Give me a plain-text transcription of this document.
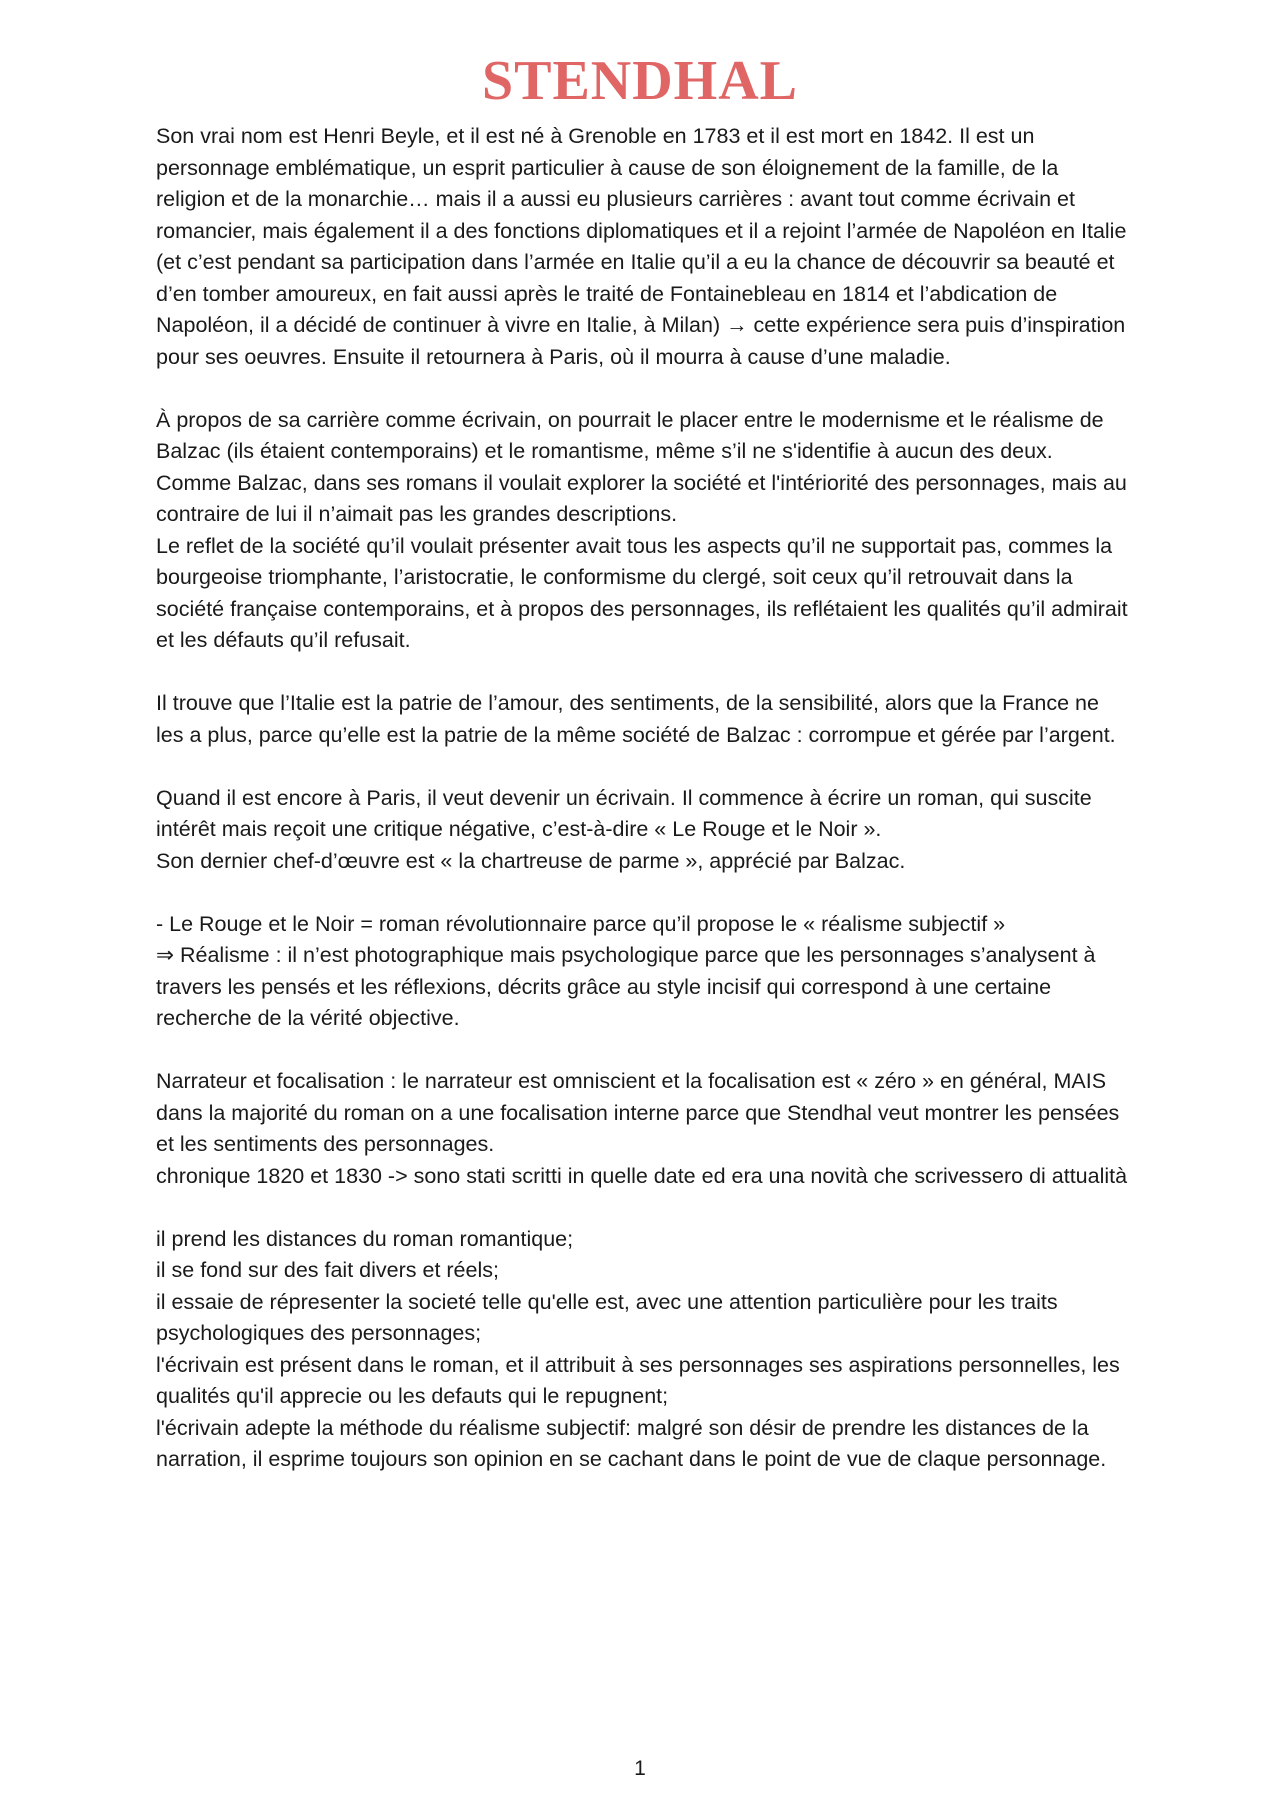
STENDHAL

Son vrai nom est Henri Beyle, et il est né à Grenoble en 1783 et il est mort en 1842. Il est un personnage emblématique, un esprit particulier à cause de son éloignement de la famille, de la religion et de la monarchie… mais il a aussi eu plusieurs carrières : avant tout comme écrivain et romancier, mais également il a des fonctions diplomatiques et il a rejoint l’armée de Napoléon en Italie (et c’est pendant sa participation dans l’armée en Italie qu’il a eu la chance de découvrir sa beauté et d’en tomber amoureux, en fait aussi après le traité de Fontainebleau en 1814 et l’abdication de Napoléon, il a décidé de continuer à vivre en Italie, à Milan) → cette expérience sera puis d’inspiration pour ses oeuvres. Ensuite il retournera à Paris, où il mourra à cause d’une maladie.

À propos de sa carrière comme écrivain, on pourrait le placer entre le modernisme et le réalisme de Balzac (ils étaient contemporains) et le romantisme, même s’il ne s'identifie à aucun des deux.

Comme Balzac, dans ses romans il voulait explorer la société et l'intériorité des personnages, mais au contraire de lui il n’aimait pas les grandes descriptions.

Le reflet de la société qu’il voulait présenter avait tous les aspects qu’il ne supportait pas, commes la bourgeoise triomphante, l’aristocratie, le conformisme du clergé, soit ceux qu’il retrouvait dans la société française contemporains, et à propos des personnages, ils reflétaient les qualités qu’il admirait et les défauts qu’il refusait.

Il trouve que l’Italie est la patrie de l’amour, des sentiments, de la sensibilité, alors que la France ne les a plus, parce qu’elle est la patrie de la même société de Balzac : corrompue et gérée par l’argent.

Quand il est encore à Paris, il veut devenir un écrivain. Il commence à écrire un roman, qui suscite intérêt mais reçoit une critique négative, c’est-à-dire « Le Rouge et le Noir ».

Son dernier chef-d’œuvre est « la chartreuse de parme », apprécié par Balzac.

- Le Rouge et le Noir = roman révolutionnaire parce qu’il propose le « réalisme subjectif »

⇒ Réalisme : il n’est photographique mais psychologique parce que les personnages s’analysent à travers les pensés et les réflexions, décrits grâce au style incisif qui correspond à une certaine recherche de la vérité objective.

Narrateur et focalisation : le narrateur est omniscient et la focalisation est « zéro » en général, MAIS dans la majorité du roman on a une focalisation interne parce que Stendhal veut montrer les pensées et les sentiments des personnages.

chronique 1820 et 1830 -> sono stati scritti in quelle date ed era una novità che scrivessero di attualità

il prend les distances du roman romantique;

il se fond sur des fait divers et réels;

il essaie de répresenter la societé telle qu'elle est, avec une attention particulière pour les traits psychologiques des personnages;

l'écrivain est présent dans le roman, et il attribuit à ses personnages ses aspirations personnelles, les qualités qu'il apprecie ou les defauts qui le repugnent;

l'écrivain adepte la méthode du réalisme subjectif: malgré son désir de prendre les distances de la narration, il esprime toujours son opinion en se cachant dans le point de vue de claque personnage.

1
